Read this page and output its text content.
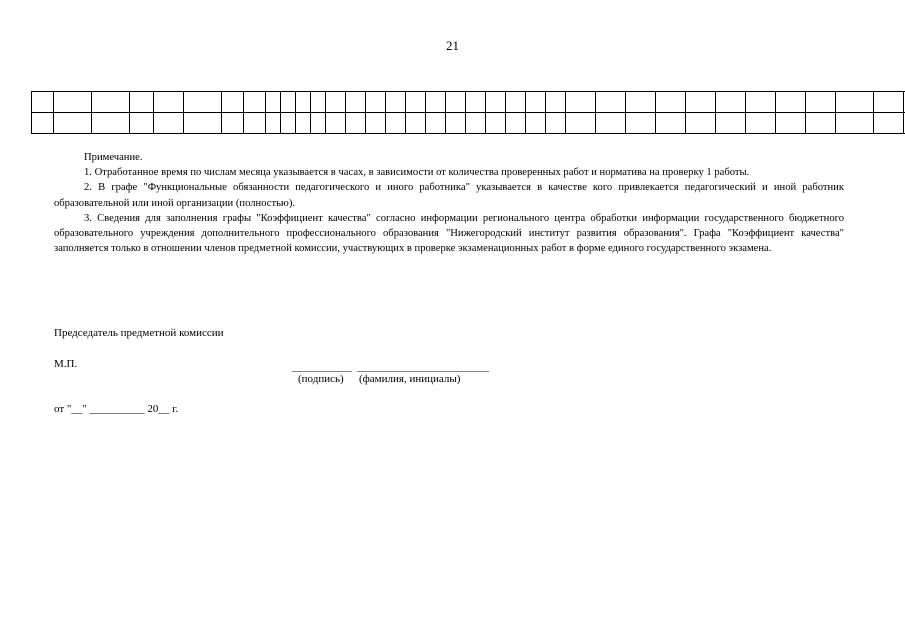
21

Примечание.

1. Отработанное время по числам месяца указывается в часах, в зависимости от количества проверенных работ и норматива на проверку 1 работы.

2. В графе "Функциональные обязанности педагогического и иного работника" указывается в качестве кого привлекается педагогический и иной работник образовательной или иной организации (полностью).

3. Сведения для заполнения графы "Коэффициент качества" согласно информации регионального центра обработки информации государственного бюджетного образовательного учреждения дополнительного профессионального образования "Нижегородский институт развития образования". Графа "Коэффициент качества" заполняется только в отношении членов предметной комиссии, участвующих в проверке экзаменационных работ в форме единого государственного экзамена.

Председатель предметной комиссии
М.П.
(подпись) (фамилия, инициалы)
от "__" __________ 20__ г.
